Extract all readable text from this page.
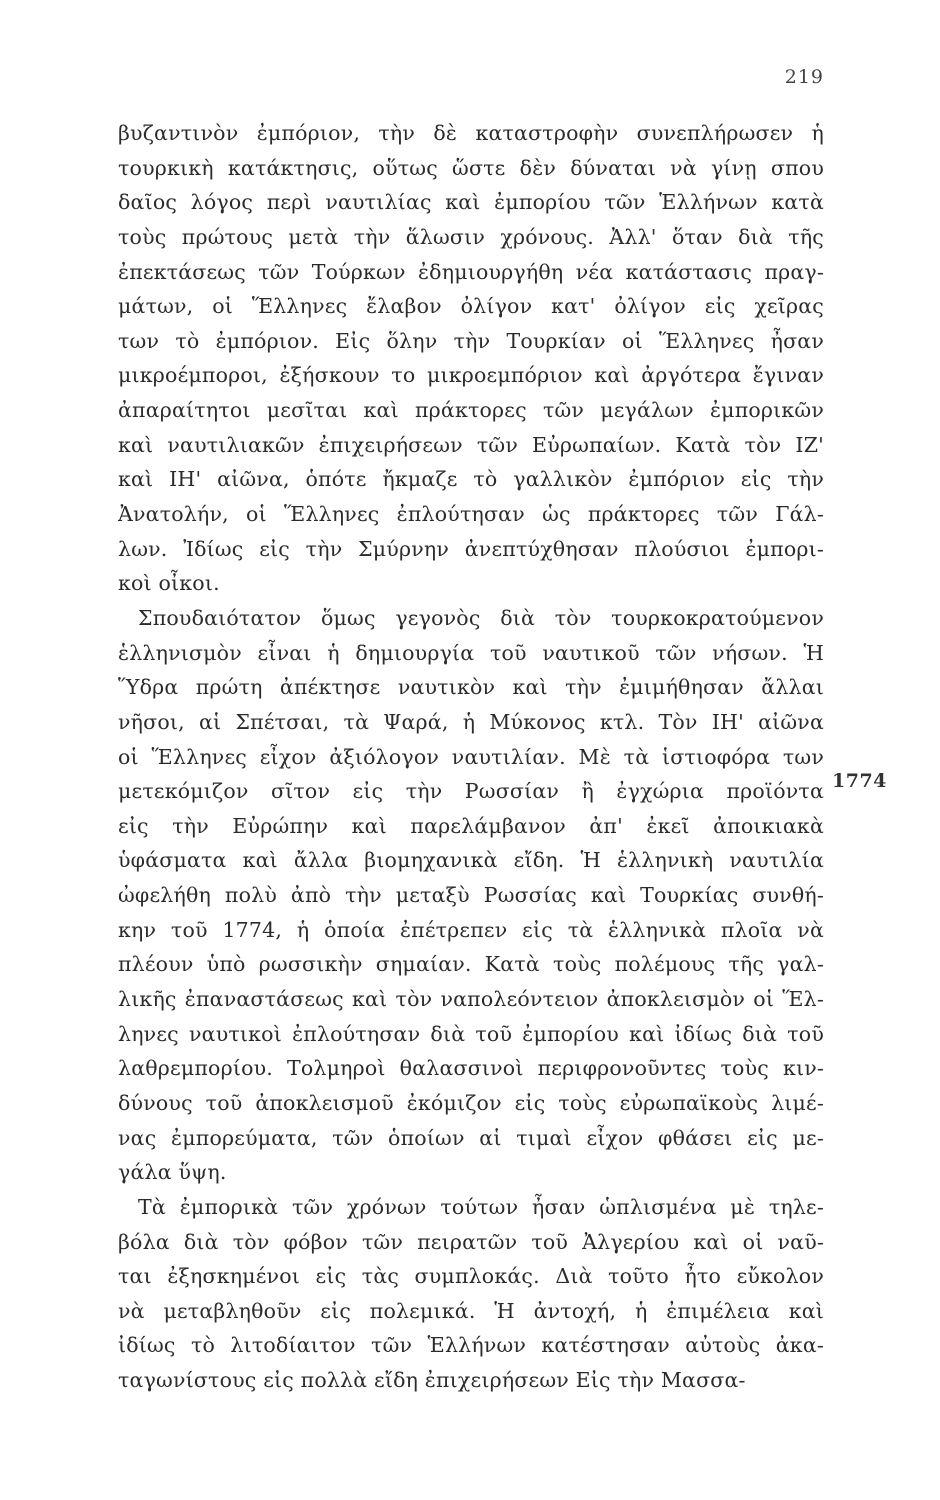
219
1774
βυζαντινὸν ἐμπόριον, τὴν δὲ καταστροφὴν συνεπλήρωσεν ἡ
τουρκικὴ κατάκτησις, οὕτως ὥστε δὲν δύναται νὰ γίνῃ σπου
δαῖος λόγος περὶ ναυτιλίας καὶ ἐμπορίου τῶν Ἑλλήνων κατὰ
τοὺς πρώτους μετὰ τὴν ἅλωσιν χρόνους. Ἀλλ' ὅταν διὰ τῆς
ἐπεκτάσεως τῶν Τούρκων ἐδημιουργήθη νέα κατάστασις πραγ-
μάτων, οἱ Ἕλληνες ἔλαβον ὀλίγον κατ' ὀλίγον εἰς χεῖρας
των τὸ ἐμπόριον. Εἰς ὅλην τὴν Τουρκίαν οἱ Ἕλληνες ἦσαν
μικροέμποροι, ἐξήσκουν το μικροεμπόριον καὶ ἀργότερα ἔγιναν
ἀπαραίτητοι μεσῖται καὶ πράκτορες τῶν μεγάλων ἐμπορικῶν
καὶ ναυτιλιακῶν ἐπιχειρήσεων τῶν Εὐρωπαίων. Κατὰ τὸν ΙΖ'
καὶ ΙΗ' αἰῶνα, ὁπότε ἤκμαζε τὸ γαλλικὸν ἐμπόριον εἰς τὴν
Ἀνατολήν, οἱ Ἕλληνες ἐπλούτησαν ὡς πράκτορες τῶν Γάλ-
λων. Ἰδίως εἰς τὴν Σμύρνην ἀνεπτύχθησαν πλούσιοι ἐμπορι-
κοὶ οἶκοι.
Σπουδαιότατον ὅμως γεγονὸς διὰ τὸν τουρκοκρατούμενον
ἑλληνισμὸν εἶναι ἡ δημιουργία τοῦ ναυτικοῦ τῶν νήσων. Ἡ
Ὕδρα πρώτη ἀπέκτησε ναυτικὸν καὶ τὴν ἐμιμήθησαν ἄλλαι
νῆσοι, αἱ Σπέτσαι, τὰ Ψαρά, ἡ Μύκονος κτλ. Τὸν ΙΗ' αἰῶνα
οἱ Ἕλληνες εἶχον ἀξιόλογον ναυτιλίαν. Μὲ τὰ ἱστιοφόρα των
μετεκόμιζον σῖτον εἰς τὴν Ρωσσίαν ἢ ἐγχώρια προϊόντα
εἰς τὴν Εὐρώπην καὶ παρελάμβανον ἀπ' ἐκεῖ ἀποικιακὰ
ὑφάσματα καὶ ἄλλα βιομηχανικὰ εἴδη. Ἡ ἑλληνικὴ ναυτιλία
ὠφελήθη πολὺ ἀπὸ τὴν μεταξὺ Ρωσσίας καὶ Τουρκίας συνθή-
κην τοῦ 1774, ἡ ὁποία ἐπέτρεπεν εἰς τὰ ἑλληνικὰ πλοῖα νὰ
πλέουν ὑπὸ ρωσσικὴν σημαίαν. Κατὰ τοὺς πολέμους τῆς γαλ-
λικῆς ἐπαναστάσεως καὶ τὸν ναπολεόντειον ἀποκλεισμὸν οἱ Ἕλ-
ληνες ναυτικοὶ ἐπλούτησαν διὰ τοῦ ἐμπορίου καὶ ἰδίως διὰ τοῦ
λαθρεμπορίου. Τολμηροὶ θαλασσινοὶ περιφρονοῦντες τοὺς κιν-
δύνους τοῦ ἀποκλεισμοῦ ἐκόμιζον εἰς τοὺς εὐρωπαϊκοὺς λιμέ-
νας ἐμπορεύματα, τῶν ὁποίων αἱ τιμαὶ εἶχον φθάσει εἰς με-
γάλα ὕψη.
Τὰ ἐμπορικὰ τῶν χρόνων τούτων ἦσαν ὡπλισμένα μὲ τηλε-
βόλα διὰ τὸν φόβον τῶν πειρατῶν τοῦ Ἀλγερίου καὶ οἱ ναῦ-
ται ἐξησκημένοι εἰς τὰς συμπλοκάς. Διὰ τοῦτο ἦτο εὔκολον
νὰ μεταβληθοῦν εἰς πολεμικά. Ἡ ἀντοχή, ἡ ἐπιμέλεια καὶ
ἰδίως τὸ λιτοδίαιτον τῶν Ἑλλήνων κατέστησαν αὐτοὺς ἀκα-
ταγωνίστους εἰς πολλὰ εἴδη ἐπιχειρήσεων Εἰς τὴν Μασσα-
